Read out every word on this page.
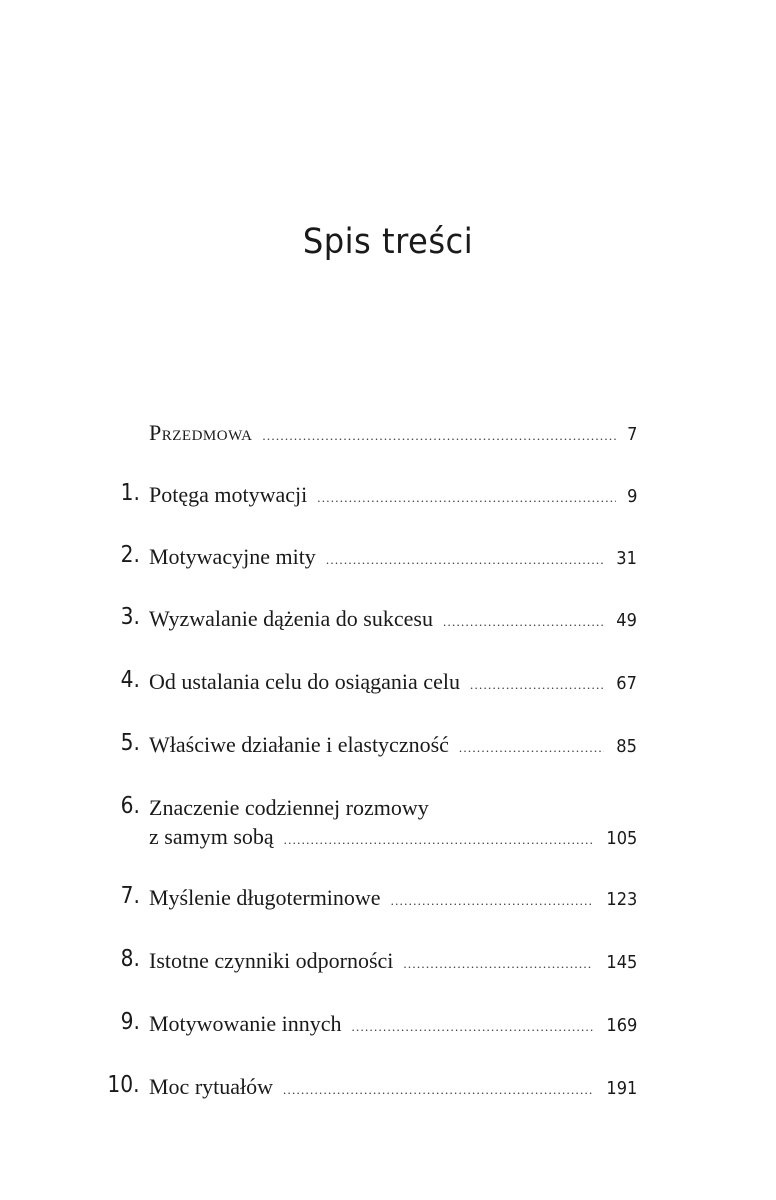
Spis treści
Przedmowa . . .	7
1. Potęga motywacji . . .	9
2. Motywacyjne mity . . .	31
3. Wyzwalanie dążenia do sukcesu . . .	49
4. Od ustalania celu do osiągania celu . . .	67
5. Właściwe działanie i elastyczność . . .	85
6. Znaczenie codziennej rozmowy
z samym sobą . . .	105
7. Myślenie długoterminowe . . .	123
8. Istotne czynniki odporności . . .	145
9. Motywowanie innych . . .	169
10. Moc rytuałów . . .	191
